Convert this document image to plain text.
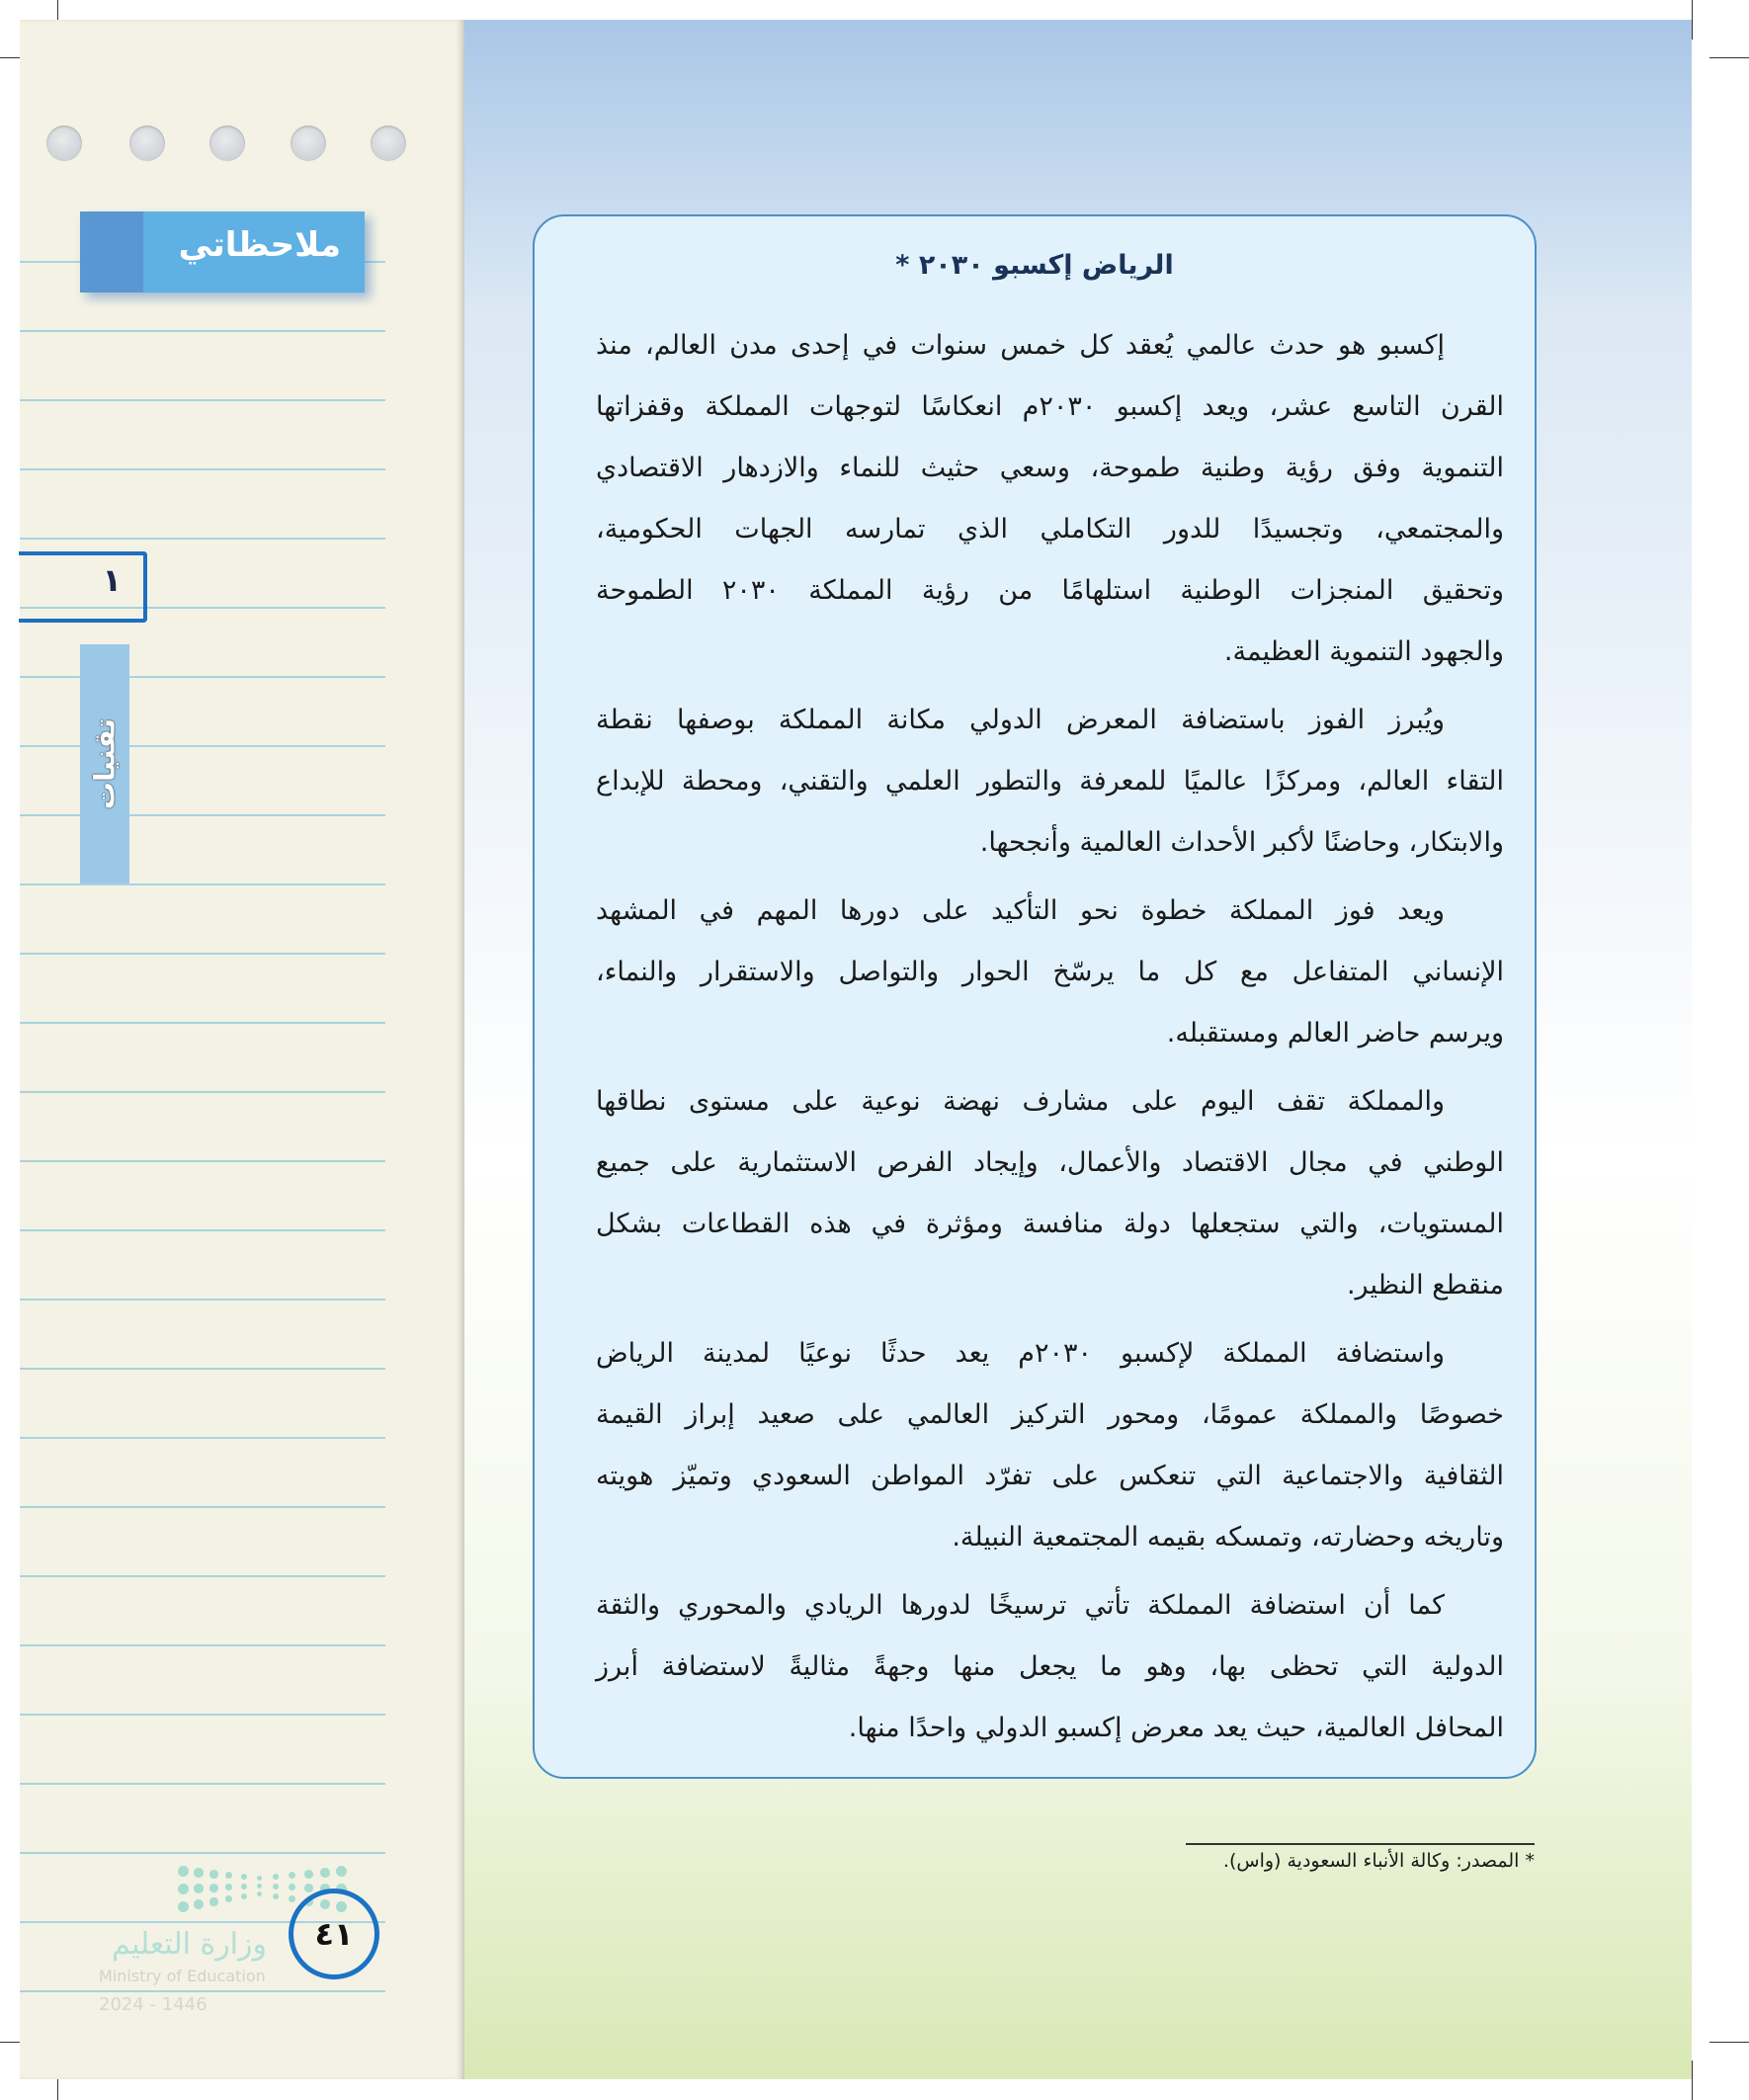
ملاحظاتي
١
تقنيات
وزارة التعليم
Ministry of Education
2024 - 1446
٤١
الرياض إكسبو ٢٠٣٠ *
إكسبو هو حدث عالمي يُعقد كل خمس سنوات في إحدى مدن العالم، منذ
القرن التاسع عشر، ويعد إكسبو ٢٠٣٠م انعكاسًا لتوجهات المملكة وقفزاتها
التنموية وفق رؤية وطنية طموحة، وسعي حثيث للنماء والازدهار الاقتصادي
والمجتمعي، وتجسيدًا للدور التكاملي الذي تمارسه الجهات الحكومية،
وتحقيق المنجزات الوطنية استلهامًا من رؤية المملكة ٢٠٣٠ الطموحة
والجهود التنموية العظيمة.
ويُبرز الفوز باستضافة المعرض الدولي مكانة المملكة بوصفها نقطة
التقاء العالم، ومركزًا عالميًا للمعرفة والتطور العلمي والتقني، ومحطة للإبداع
والابتكار، وحاضنًا لأكبر الأحداث العالمية وأنجحها.
ويعد فوز المملكة خطوة نحو التأكيد على دورها المهم في المشهد
الإنساني المتفاعل مع كل ما يرسّخ الحوار والتواصل والاستقرار والنماء،
ويرسم حاضر العالم ومستقبله.
والمملكة تقف اليوم على مشارف نهضة نوعية على مستوى نطاقها
الوطني في مجال الاقتصاد والأعمال، وإيجاد الفرص الاستثمارية على جميع
المستويات، والتي ستجعلها دولة منافسة ومؤثرة في هذه القطاعات بشكل
منقطع النظير.
واستضافة المملكة لإكسبو ٢٠٣٠م يعد حدثًا نوعيًا لمدينة الرياض
خصوصًا والمملكة عمومًا، ومحور التركيز العالمي على صعيد إبراز القيمة
الثقافية والاجتماعية التي تنعكس على تفرّد المواطن السعودي وتميّز هويته
وتاريخه وحضارته، وتمسكه بقيمه المجتمعية النبيلة.
كما أن استضافة المملكة تأتي ترسيخًا لدورها الريادي والمحوري والثقة
الدولية التي تحظى بها، وهو ما يجعل منها وجهةً مثاليةً لاستضافة أبرز
المحافل العالمية، حيث يعد معرض إكسبو الدولي واحدًا منها.
* المصدر: وكالة الأنباء السعودية (واس).
